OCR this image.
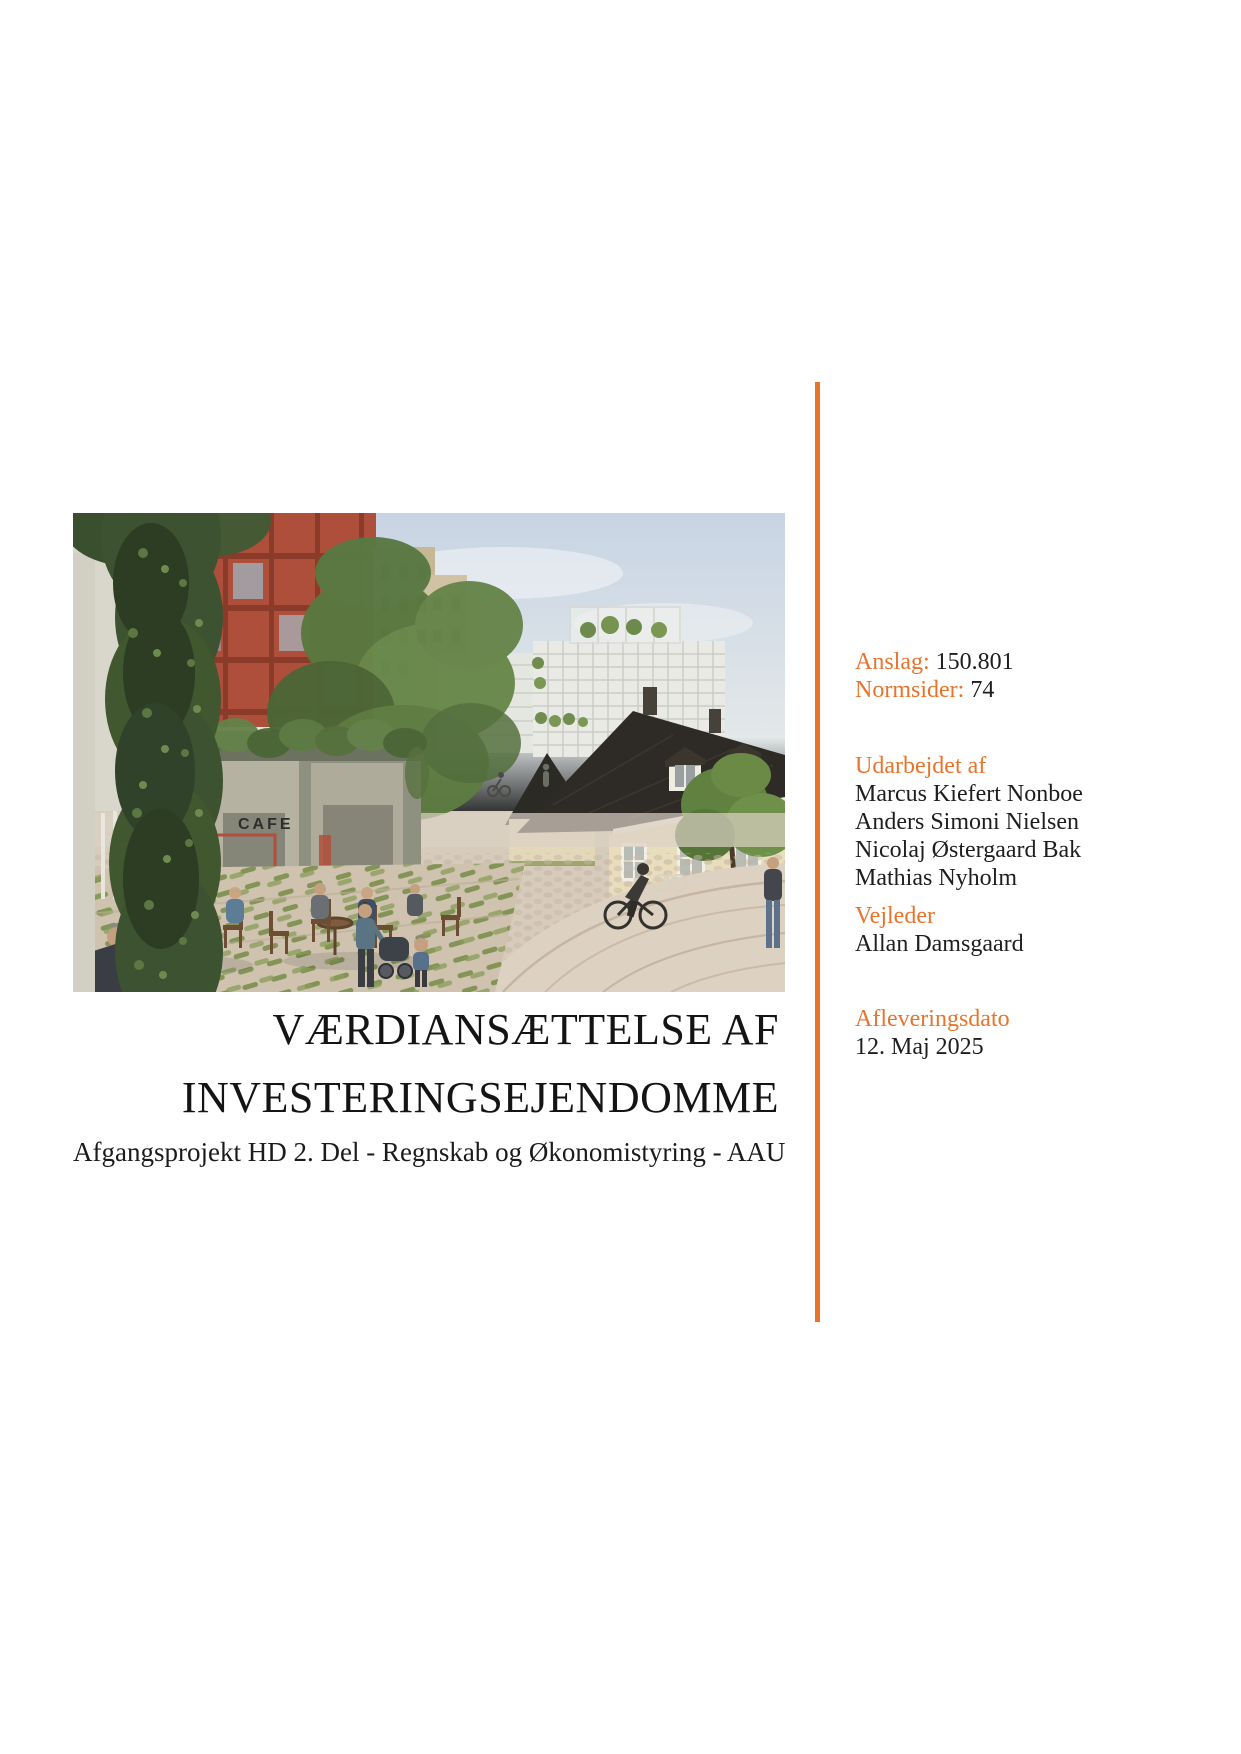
CAFE
Anslag: 150.801
Normsider: 74
Udarbejdet af
Marcus Kiefert Nonboe
Anders Simoni Nielsen
Nicolaj Østergaard Bak
Mathias Nyholm
Vejleder
Allan Damsgaard
Afleveringsdato
12. Maj 2025
VÆRDIANSÆTTELSE AF
INVESTERINGSEJENDOMME
Afgangsprojekt HD 2. Del - Regnskab og Økonomistyring - AAU
